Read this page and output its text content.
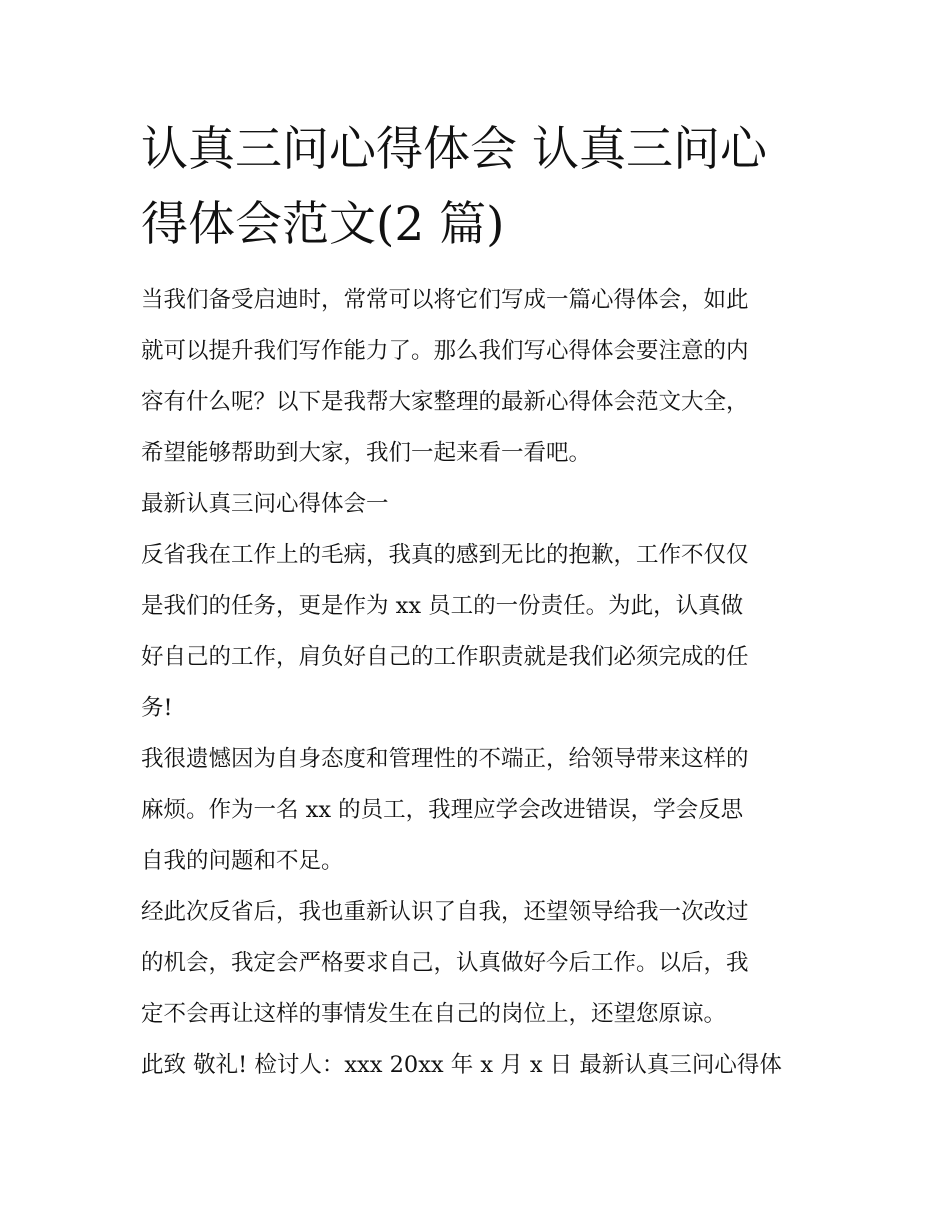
认真三问心得体会 认真三问心
得体会范文(2 篇)

当我们备受启迪时，常常可以将它们写成一篇心得体会，如此

就可以提升我们写作能力了。那么我们写心得体会要注意的内

容有什么呢？以下是我帮大家整理的最新心得体会范文大全，

希望能够帮助到大家，我们一起来看一看吧。

最新认真三问心得体会一

反省我在工作上的毛病，我真的感到无比的抱歉，工作不仅仅

是我们的任务，更是作为 xx 员工的一份责任。为此，认真做

好自己的工作，肩负好自己的工作职责就是我们必须完成的任

务!

我很遗憾因为自身态度和管理性的不端正，给领导带来这样的

麻烦。作为一名 xx 的员工，我理应学会改进错误，学会反思

自我的问题和不足。

经此次反省后，我也重新认识了自我，还望领导给我一次改过

的机会，我定会严格要求自己，认真做好今后工作。以后，我

定不会再让这样的事情发生在自己的岗位上，还望您原谅。

此致 敬礼! 检讨人：xxx 20xx 年 x 月 x 日 最新认真三问心得体
